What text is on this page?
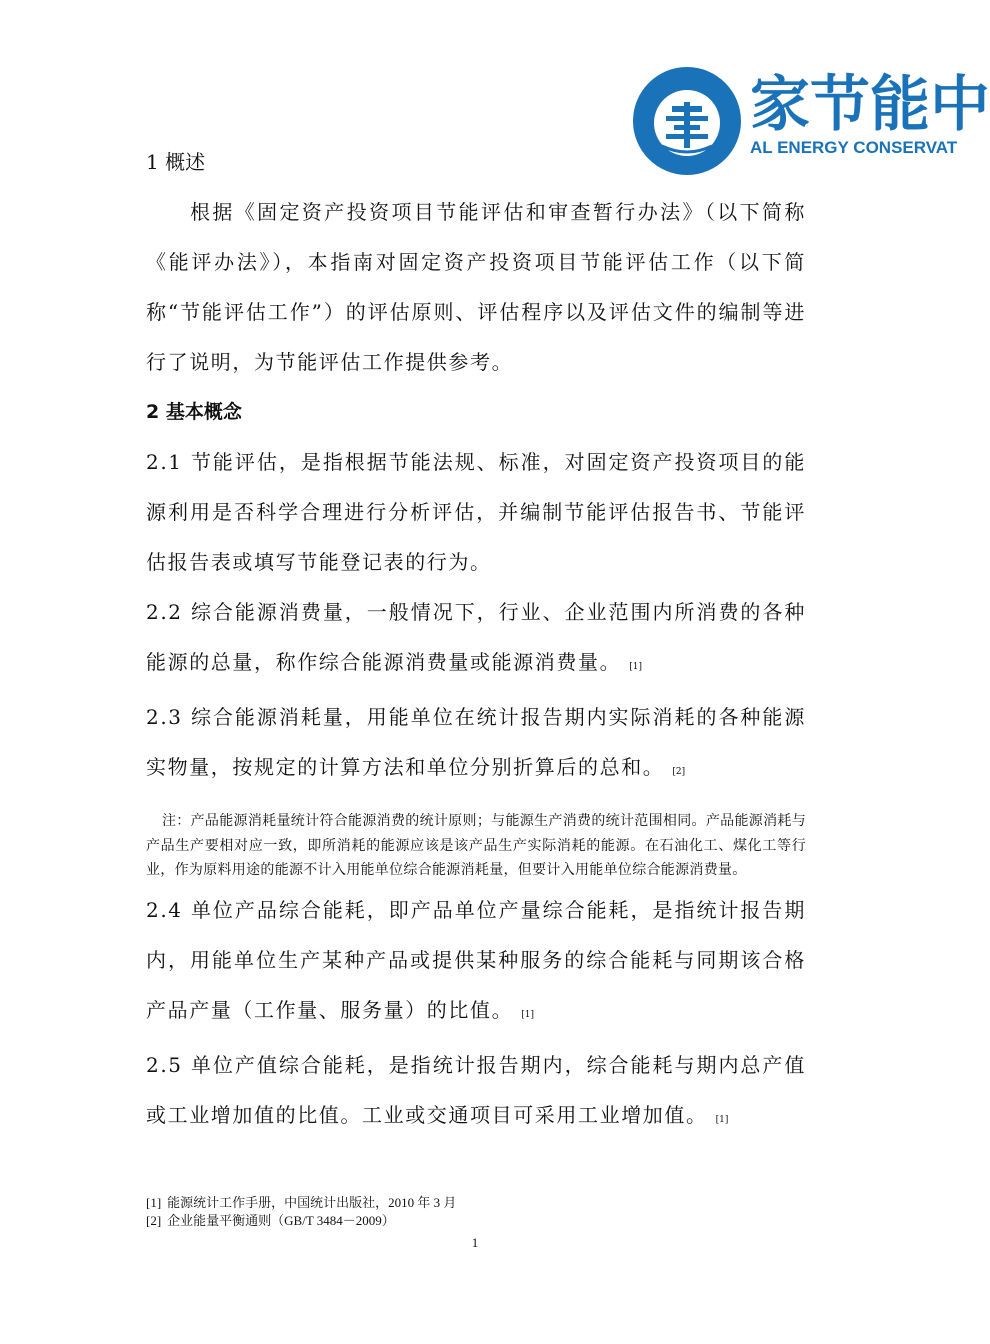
家节能中
AL ENERGY CONSERVAT
1 概述

根据《固定资产投资项目节能评估和审查暂行办法》（以下简称《能评办法》），本指南对固定资产投资项目节能评估工作（以下简称“节能评估工作”）的评估原则、评估程序以及评估文件的编制等进行了说明，为节能评估工作提供参考。

2 基本概念

2.1 节能评估，是指根据节能法规、标准，对固定资产投资项目的能源利用是否科学合理进行分析评估，并编制节能评估报告书、节能评估报告表或填写节能登记表的行为。

2.2 综合能源消费量，一般情况下，行业、企业范围内所消费的各种能源的总量，称作综合能源消费量或能源消费量。 [1]

2.3 综合能源消耗量，用能单位在统计报告期内实际消耗的各种能源实物量，按规定的计算方法和单位分别折算后的总和。 [2]

注：产品能源消耗量统计符合能源消费的统计原则；与能源生产消费的统计范围相同。产品能源消耗与产品生产要相对应一致，即所消耗的能源应该是该产品生产实际消耗的能源。在石油化工、煤化工等行业，作为原料用途的能源不计入用能单位综合能源消耗量，但要计入用能单位综合能源消费量。

2.4 单位产品综合能耗，即产品单位产量综合能耗，是指统计报告期内，用能单位生产某种产品或提供某种服务的综合能耗与同期该合格产品产量（工作量、服务量）的比值。 [1]

2.5 单位产值综合能耗，是指统计报告期内，综合能耗与期内总产值或工业增加值的比值。工业或交通项目可采用工业增加值。 [1]

[1] 能源统计工作手册，中国统计出版社，2010 年 3 月
[2] 企业能量平衡通则（GB/T 3484－2009）
1
